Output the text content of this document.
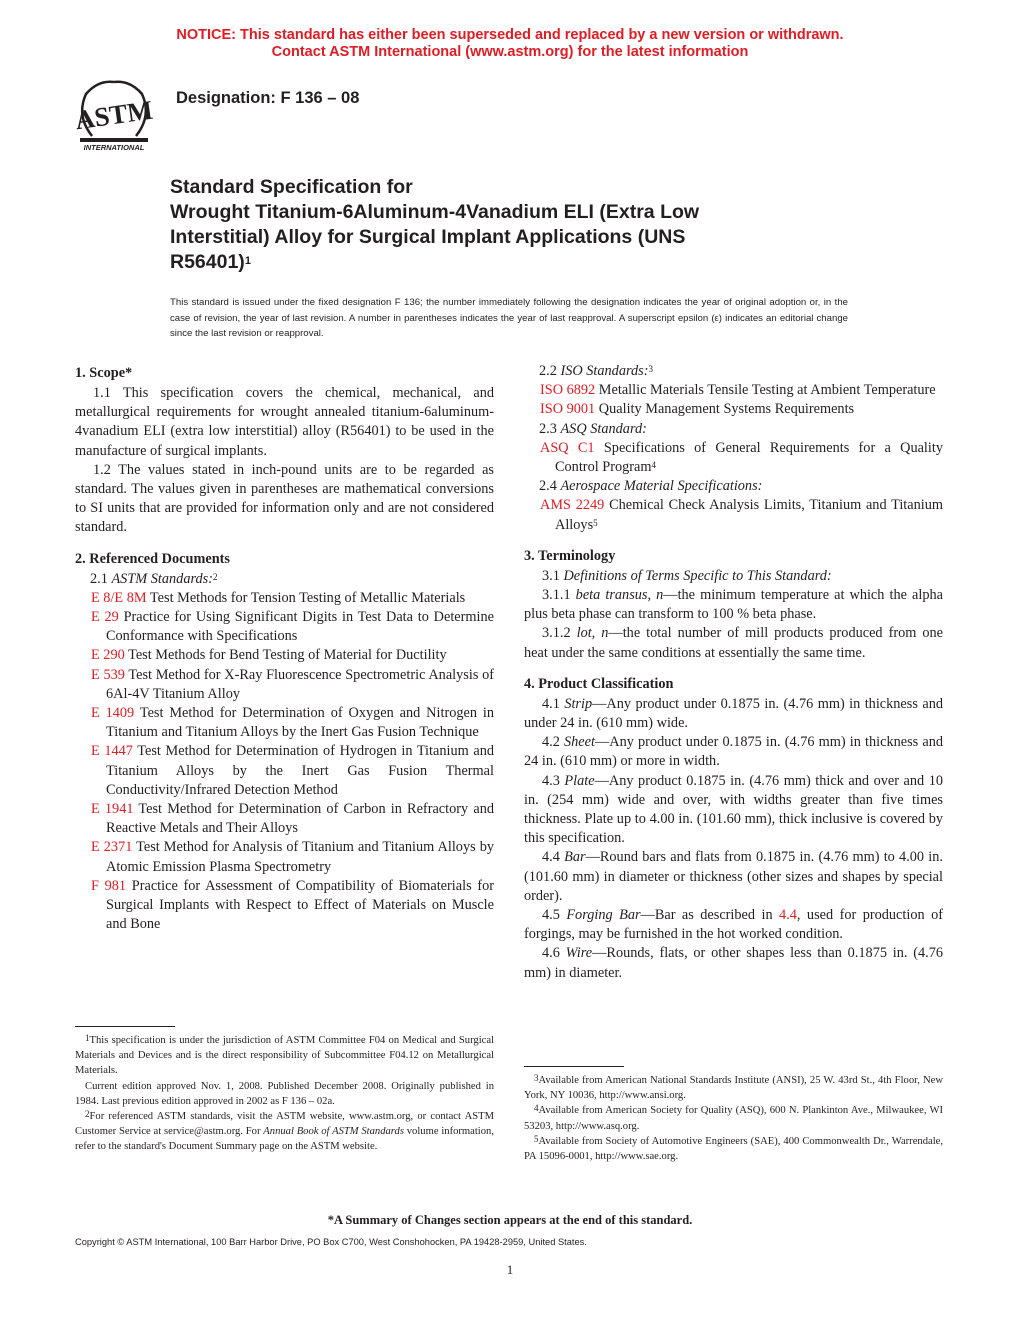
NOTICE: This standard has either been superseded and replaced by a new version or withdrawn.
Contact ASTM International (www.astm.org) for the latest information
ASTM
INTERNATIONAL
Designation: F 136 – 08
Standard Specification for
Wrought Titanium-6Aluminum-4Vanadium ELI (Extra Low
Interstitial) Alloy for Surgical Implant Applications (UNS
R56401)$^1$
This standard is issued under the fixed designation F 136; the number immediately following the designation indicates the year of original adoption or, in the case of revision, the year of last revision. A number in parentheses indicates the year of last reapproval. A superscript epsilon (ε) indicates an editorial change since the last revision or reapproval.
1. Scope*

1.1 This specification covers the chemical, mechanical, and metallurgical requirements for wrought annealed titanium-6aluminum-4vanadium ELI (extra low interstitial) alloy (R56401) to be used in the manufacture of surgical implants.

1.2 The values stated in inch-pound units are to be regarded as standard. The values given in parentheses are mathematical conversions to SI units that are provided for information only and are not considered standard.

2. Referenced Documents
2.1 ASTM Standards:$^2$

E 8/E 8M Test Methods for Tension Testing of Metallic Materials

E 29 Practice for Using Significant Digits in Test Data to Determine Conformance with Specifications

E 290 Test Methods for Bend Testing of Material for Ductility

E 539 Test Method for X-Ray Fluorescence Spectrometric Analysis of 6Al-4V Titanium Alloy

E 1409 Test Method for Determination of Oxygen and Nitrogen in Titanium and Titanium Alloys by the Inert Gas Fusion Technique

E 1447 Test Method for Determination of Hydrogen in Titanium and Titanium Alloys by the Inert Gas Fusion Thermal Conductivity/Infrared Detection Method

E 1941 Test Method for Determination of Carbon in Refractory and Reactive Metals and Their Alloys

E 2371 Test Method for Analysis of Titanium and Titanium Alloys by Atomic Emission Plasma Spectrometry

F 981 Practice for Assessment of Compatibility of Biomaterials for Surgical Implants with Respect to Effect of Materials on Muscle and Bone

$^1$This specification is under the jurisdiction of ASTM Committee F04 on Medical and Surgical Materials and Devices and is the direct responsibility of Subcommittee F04.12 on Metallurgical Materials.

Current edition approved Nov. 1, 2008. Published December 2008. Originally published in 1984. Last previous edition approved in 2002 as F 136 – 02a.

$^2$For referenced ASTM standards, visit the ASTM website, www.astm.org, or contact ASTM Customer Service at service@astm.org. For Annual Book of ASTM Standards volume information, refer to the standard's Document Summary page on the ASTM website.

2.2 ISO Standards:$^3$

ISO 6892 Metallic Materials Tensile Testing at Ambient Temperature

ISO 9001 Quality Management Systems Requirements

2.3 ASQ Standard:

ASQ C1 Specifications of General Requirements for a Quality Control Program$^4$

2.4 Aerospace Material Specifications:

AMS 2249 Chemical Check Analysis Limits, Titanium and Titanium Alloys$^5$

3. Terminology

3.1 Definitions of Terms Specific to This Standard:

3.1.1 beta transus, n—the minimum temperature at which the alpha plus beta phase can transform to 100 % beta phase.

3.1.2 lot, n—the total number of mill products produced from one heat under the same conditions at essentially the same time.

4. Product Classification

4.1 Strip—Any product under 0.1875 in. (4.76 mm) in thickness and under 24 in. (610 mm) wide.

4.2 Sheet—Any product under 0.1875 in. (4.76 mm) in thickness and 24 in. (610 mm) or more in width.

4.3 Plate—Any product 0.1875 in. (4.76 mm) thick and over and 10 in. (254 mm) wide and over, with widths greater than five times thickness. Plate up to 4.00 in. (101.60 mm), thick inclusive is covered by this specification.

4.4 Bar—Round bars and flats from 0.1875 in. (4.76 mm) to 4.00 in. (101.60 mm) in diameter or thickness (other sizes and shapes by special order).

4.5 Forging Bar—Bar as described in 4.4, used for production of forgings, may be furnished in the hot worked condition.

4.6 Wire—Rounds, flats, or other shapes less than 0.1875 in. (4.76 mm) in diameter.

$^3$Available from American National Standards Institute (ANSI), 25 W. 43rd St., 4th Floor, New York, NY 10036, http://www.ansi.org.

$^4$Available from American Society for Quality (ASQ), 600 N. Plankinton Ave., Milwaukee, WI 53203, http://www.asq.org.

$^5$Available from Society of Automotive Engineers (SAE), 400 Commonwealth Dr., Warrendale, PA 15096-0001, http://www.sae.org.

*A Summary of Changes section appears at the end of this standard.
Copyright © ASTM International, 100 Barr Harbor Drive, PO Box C700, West Conshohocken, PA 19428-2959, United States.
1
